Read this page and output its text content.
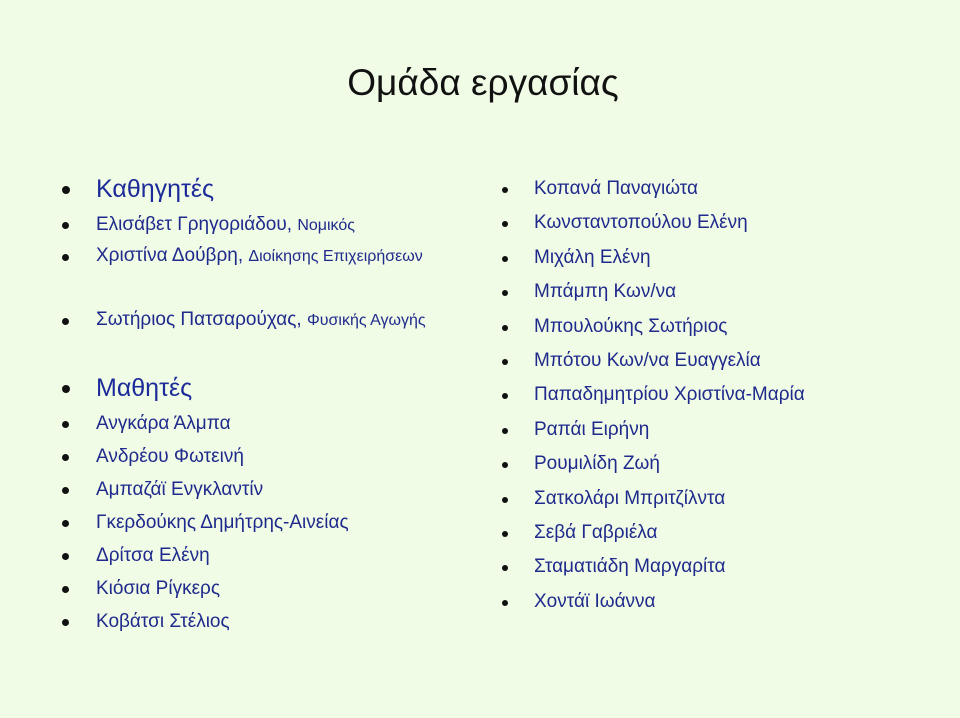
Ομάδα εργασίας
Καθηγητές
Ελισάβετ Γρηγοριάδου, Νομικός
Χριστίνα Δούβρη, Διοίκησης Επιχειρήσεων
Σωτήριος Πατσαρούχας, Φυσικής Αγωγής
Μαθητές
Ανγκάρα Άλμπα
Ανδρέου Φωτεινή
Αμπαζάϊ Ενγκλαντίν
Γκερδούκης Δημήτρης-Αινείας
Δρίτσα Ελένη
Κιόσια Ρίγκερς
Κοβάτσι Στέλιος
Κοπανά Παναγιώτα
Κωνσταντοπούλου Ελένη
Μιχάλη Ελένη
Μπάμπη Κων/να
Μπουλούκης Σωτήριος
Μπότου Κων/να Ευαγγελία
Παπαδημητρίου Χριστίνα-Μαρία
Ραπάι Ειρήνη
Ρουμιλίδη Ζωή
Σατκολάρι Μπριτζίλντα
Σεβά Γαβριέλα
Σταματιάδη Μαργαρίτα
Χοντάϊ Ιωάννα
